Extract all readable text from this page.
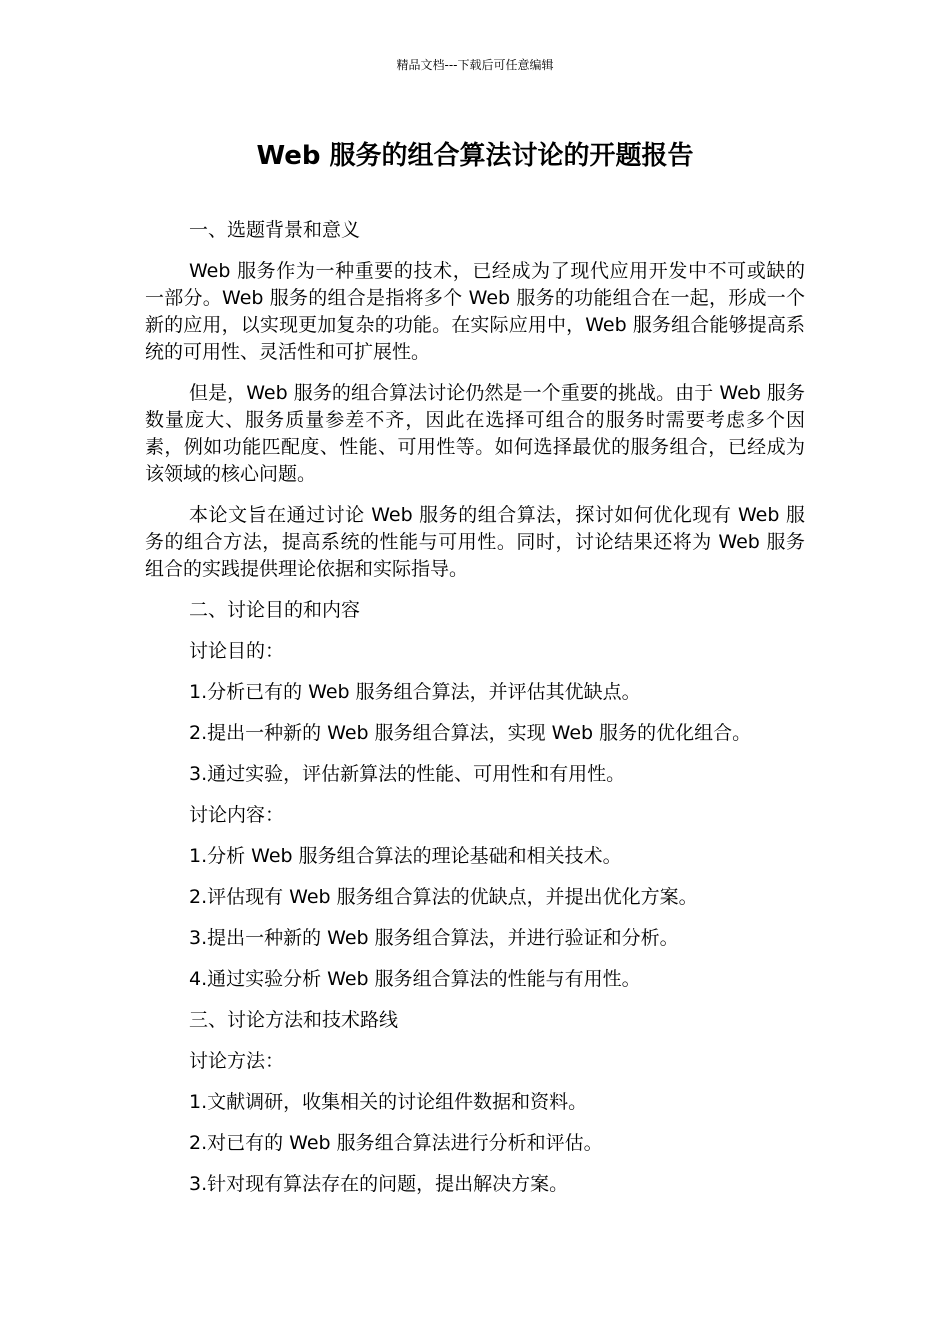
精品文档---下载后可任意编辑
Web 服务的组合算法讨论的开题报告

一、选题背景和意义

Web 服务作为一种重要的技术，已经成为了现代应用开发中不可或缺的一部分。Web 服务的组合是指将多个 Web 服务的功能组合在一起，形成一个新的应用，以实现更加复杂的功能。在实际应用中，Web 服务组合能够提高系统的可用性、灵活性和可扩展性。

但是，Web 服务的组合算法讨论仍然是一个重要的挑战。由于 Web 服务数量庞大、服务质量参差不齐，因此在选择可组合的服务时需要考虑多个因素，例如功能匹配度、性能、可用性等。如何选择最优的服务组合，已经成为该领域的核心问题。

本论文旨在通过讨论 Web 服务的组合算法，探讨如何优化现有 Web 服务的组合方法，提高系统的性能与可用性。同时，讨论结果还将为 Web 服务组合的实践提供理论依据和实际指导。

二、讨论目的和内容

讨论目的：

1.分析已有的 Web 服务组合算法，并评估其优缺点。

2.提出一种新的 Web 服务组合算法，实现 Web 服务的优化组合。

3.通过实验，评估新算法的性能、可用性和有用性。

讨论内容：

1.分析 Web 服务组合算法的理论基础和相关技术。

2.评估现有 Web 服务组合算法的优缺点，并提出优化方案。

3.提出一种新的 Web 服务组合算法，并进行验证和分析。

4.通过实验分析 Web 服务组合算法的性能与有用性。

三、讨论方法和技术路线

讨论方法：

1.文献调研，收集相关的讨论组件数据和资料。

2.对已有的 Web 服务组合算法进行分析和评估。

3.针对现有算法存在的问题，提出解决方案。
